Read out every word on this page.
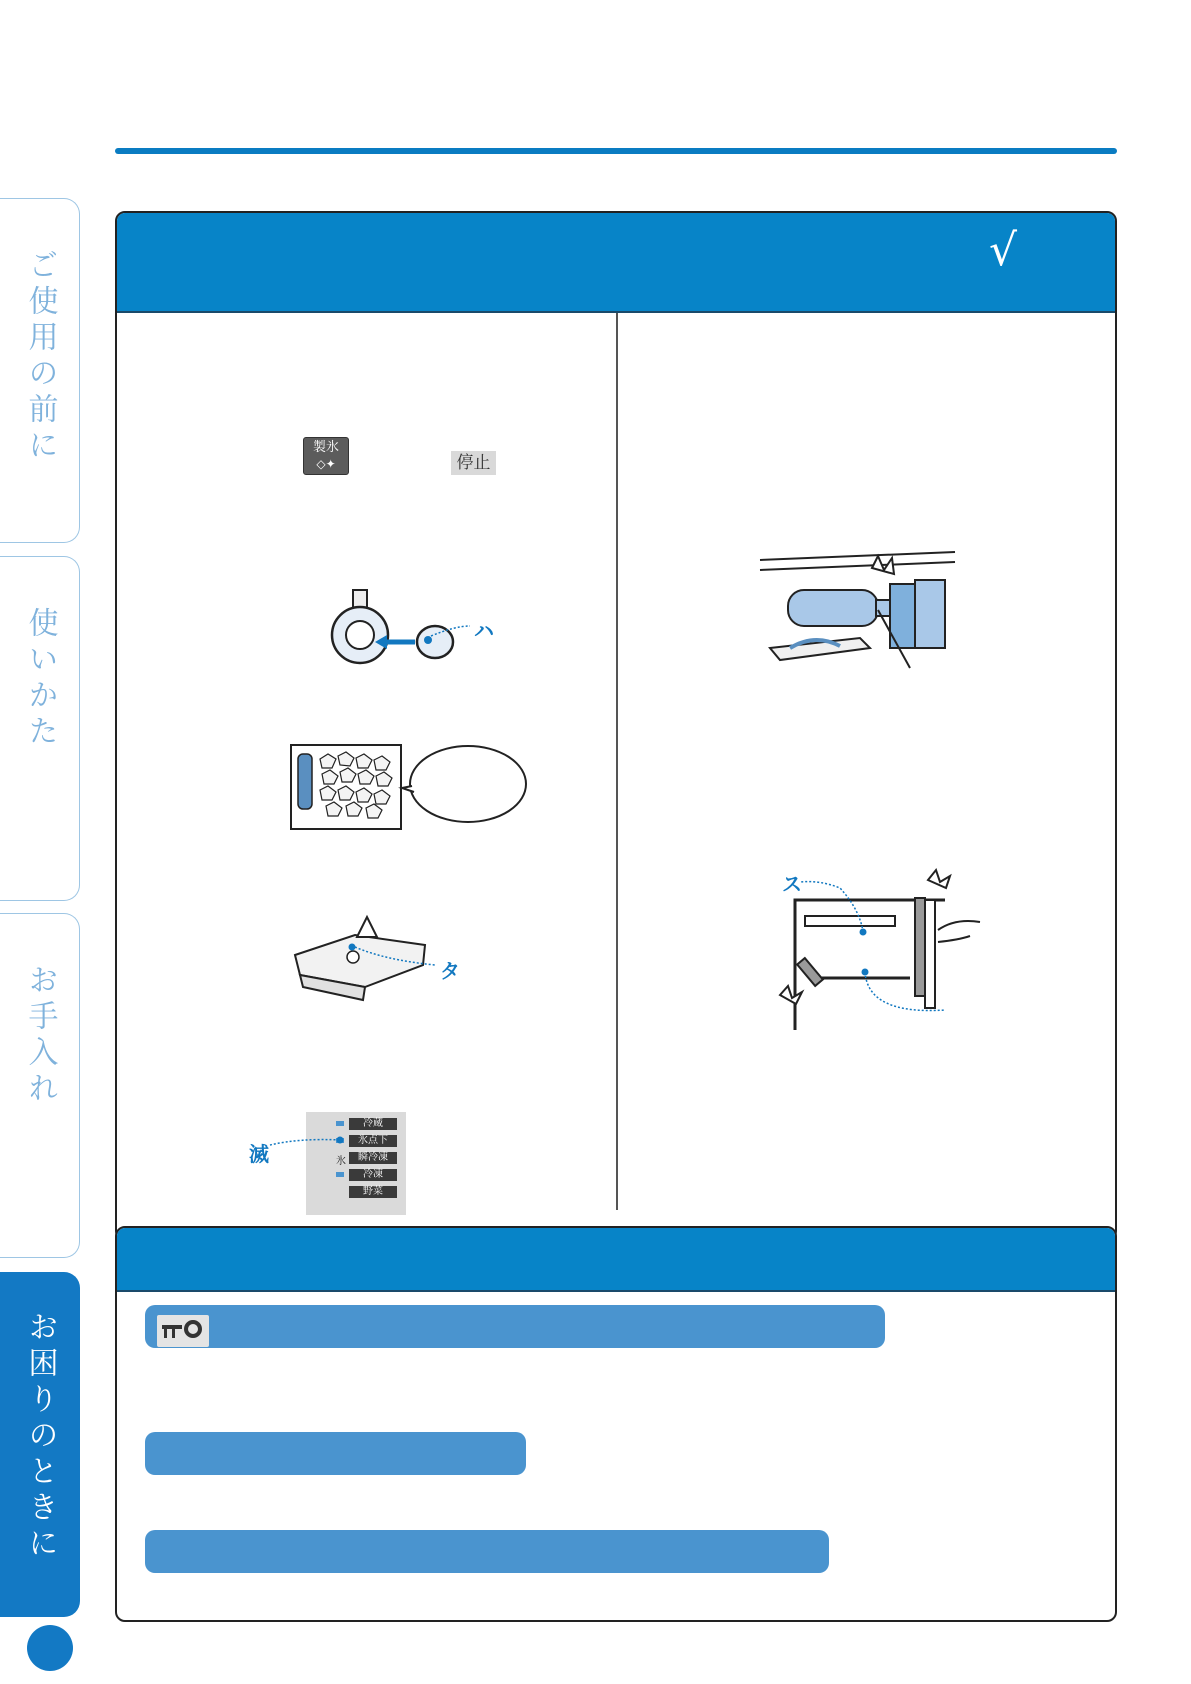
ご使用の前に
使いかた
お手入れ
お困りのときに
√
製氷
◇✦	停止
ハ
タ
冷蔵
氷点下
瞬冷凍
冷凍
野菜
氷
滅
ス
